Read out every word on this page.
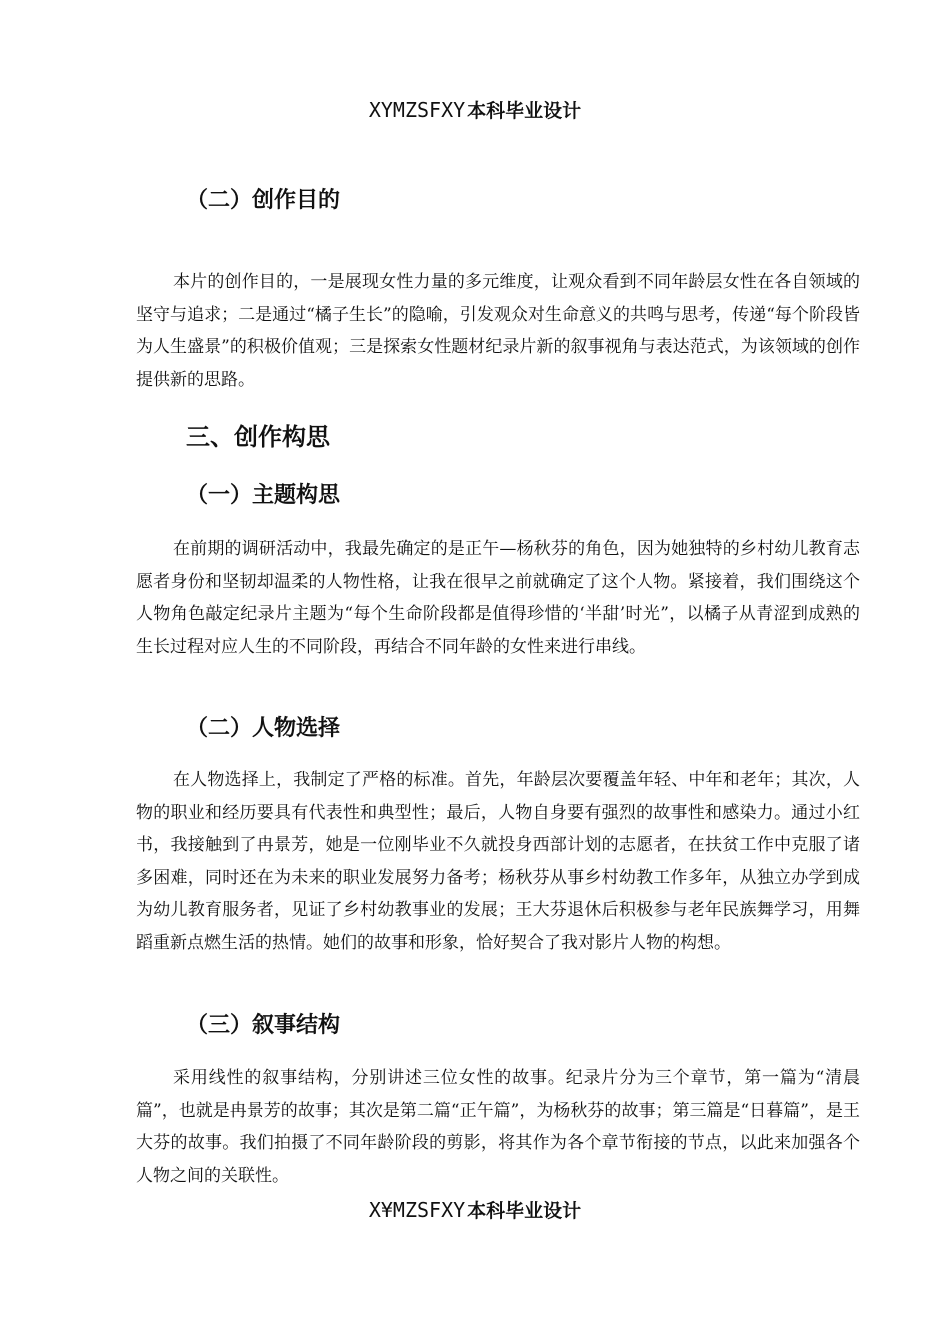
XYMZSFXY 本科毕业设计
（二）创作目的

本片的创作目的，一是展现女性力量的多元维度，让观众看到不同年龄层女性在各自领域的坚守与追求；二是通过“橘子生长”的隐喻，引发观众对生命意义的共鸣与思考，传递“每个阶段皆为人生盛景”的积极价值观；三是探索女性题材纪录片新的叙事视角与表达范式，为该领域的创作提供新的思路。

三、创作构思
（一）主题构思

在前期的调研活动中，我最先确定的是正午—杨秋芬的角色，因为她独特的乡村幼儿教育志愿者身份和坚韧却温柔的人物性格，让我在很早之前就确定了这个人物。紧接着，我们围绕这个人物角色敲定纪录片主题为“每个生命阶段都是值得珍惜的‘半甜’时光”，以橘子从青涩到成熟的生长过程对应人生的不同阶段，再结合不同年龄的女性来进行串线。

（二）人物选择

在人物选择上，我制定了严格的标准。首先，年龄层次要覆盖年轻、中年和老年；其次，人物的职业和经历要具有代表性和典型性；最后，人物自身要有强烈的故事性和感染力。通过小红书，我接触到了冉景芳，她是一位刚毕业不久就投身西部计划的志愿者，在扶贫工作中克服了诸多困难，同时还在为未来的职业发展努力备考；杨秋芬从事乡村幼教工作多年，从独立办学到成为幼儿教育服务者，见证了乡村幼教事业的发展；王大芬退休后积极参与老年民族舞学习，用舞蹈重新点燃生活的热情。她们的故事和形象，恰好契合了我对影片人物的构想。

（三）叙事结构

采用线性的叙事结构，分别讲述三位女性的故事。纪录片分为三个章节，第一篇为“清晨篇”，也就是冉景芳的故事；其次是第二篇“正午篇”，为杨秋芬的故事；第三篇是“日暮篇”，是王大芬的故事。我们拍摄了不同年龄阶段的剪影，将其作为各个章节衔接的节点，以此来加强各个人物之间的关联性。

X¥MZSFXY 本科毕业设计
